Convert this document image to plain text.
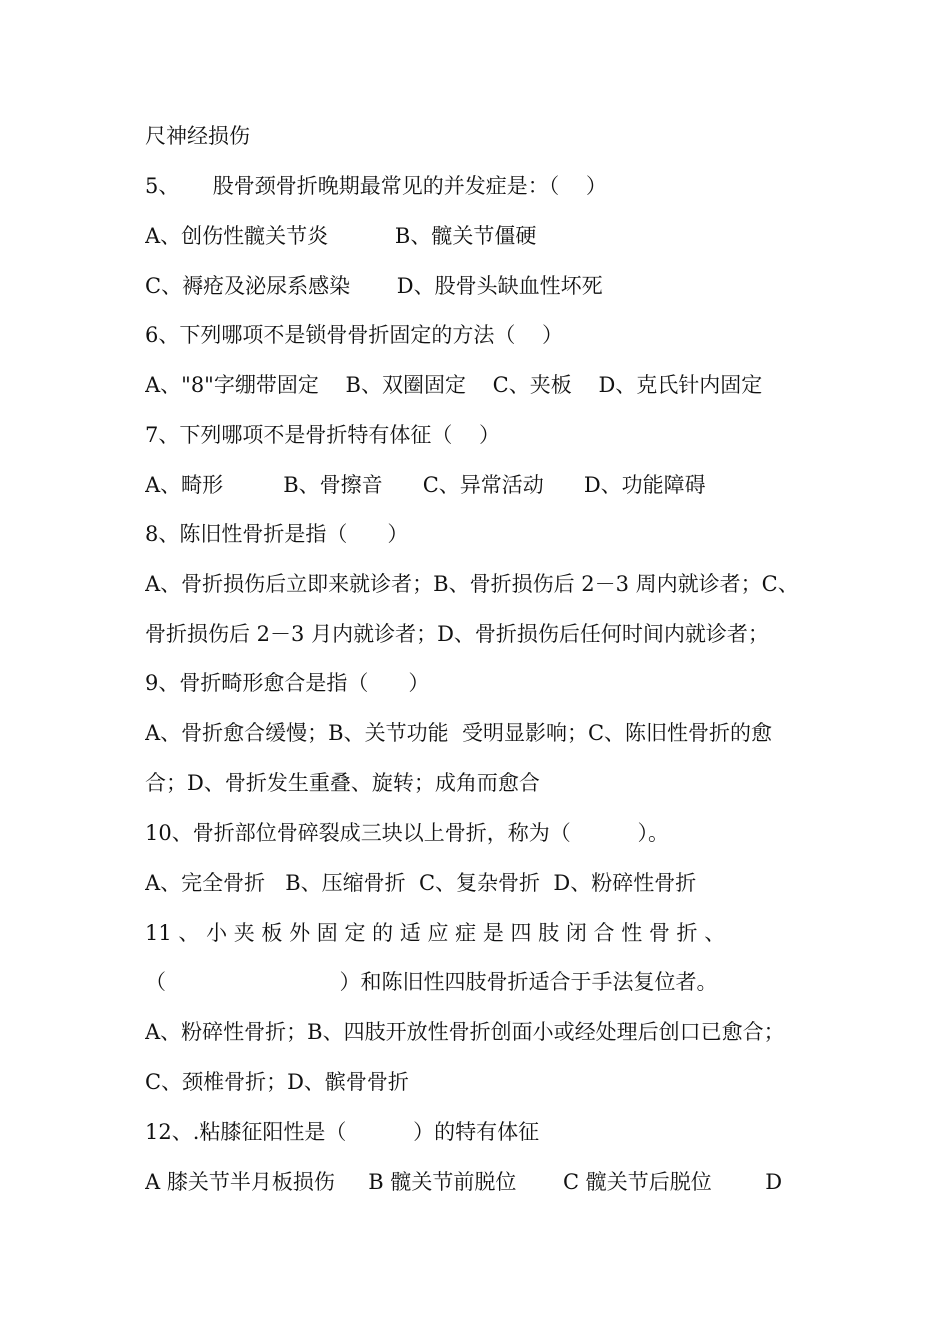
尺神经损伤
5、     股骨颈骨折晚期最常见的并发症是：（    ）
A、创伤性髋关节炎          B、髋关节僵硬
C、褥疮及泌尿系感染       D、股骨头缺血性坏死
6、下列哪项不是锁骨骨折固定的方法（    ）
A、"8"字绷带固定    B、双圈固定    C、夹板    D、克氏针内固定
7、下列哪项不是骨折特有体征（    ）
A、畸形         B、骨擦音      C、异常活动      D、功能障碍
8、陈旧性骨折是指（      ）
A、骨折损伤后立即来就诊者；B、骨折损伤后 2－3 周内就诊者；C、
骨折损伤后 2－3 月内就诊者；D、骨折损伤后任何时间内就诊者；
9、骨折畸形愈合是指（      ）
A、骨折愈合缓慢；B、关节功能  受明显影响；C、陈旧性骨折的愈
合；D、骨折发生重叠、旋转；成角而愈合
10、骨折部位骨碎裂成三块以上骨折，称为（          ）。
A、完全骨折   B、压缩骨折  C、复杂骨折  D、粉碎性骨折
11 、 小 夹 板 外 固 定 的 适 应 症 是 四 肢 闭 合 性 骨 折 、
（                          ）和陈旧性四肢骨折适合于手法复位者。
A、粉碎性骨折；B、四肢开放性骨折创面小或经处理后创口已愈合；
C、颈椎骨折；D、髌骨骨折
12、.粘膝征阳性是（          ）的特有体征
A 膝关节半月板损伤     B 髋关节前脱位       C 髋关节后脱位        D
